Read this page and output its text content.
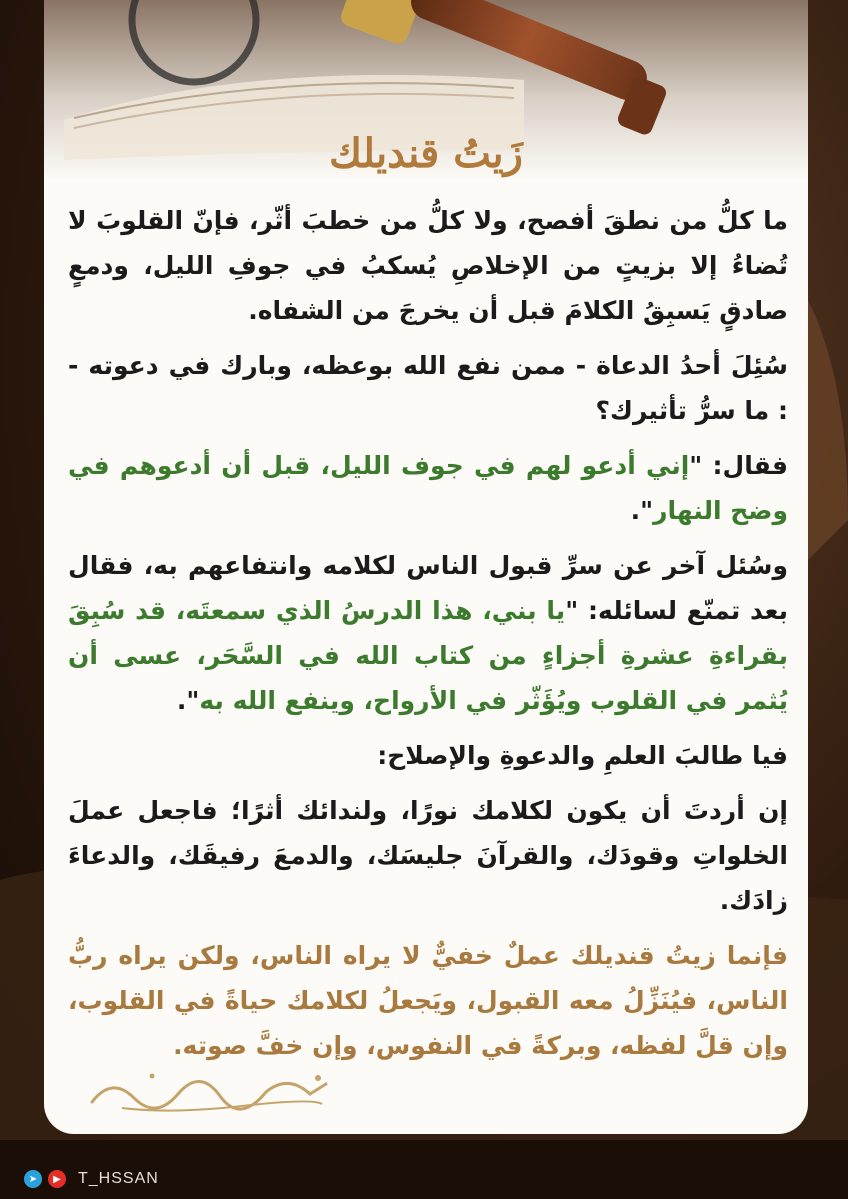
زَيتُ قنديلك

ما كلُّ من نطقَ أفصح، ولا كلُّ من خطبَ أثّر، فإنّ القلوبَ لا تُضاءُ إلا بزيتٍ من الإخلاصِ يُسكبُ في جوفِ الليل، ودمعٍ صادقٍ يَسبِقُ الكلامَ قبل أن يخرجَ من الشفاه.

سُئِلَ أحدُ الدعاة - ممن نفع الله بوعظه، وبارك في دعوته - : ما سرُّ تأثيرك؟

فقال: "إني أدعو لهم في جوف الليل، قبل أن أدعوهم في وضح النهار".

وسُئل آخر عن سرِّ قبول الناس لكلامه وانتفاعهم به، فقال بعد تمنّع لسائله: "يا بني، هذا الدرسُ الذي سمعتَه، قد سُبِقَ بقراءةِ عشرةِ أجزاءٍ من كتاب الله في السَّحَر، عسى أن يُثمر في القلوب ويُؤَثّر في الأرواح، وينفع الله به".

فيا طالبَ العلمِ والدعوةِ والإصلاح:

إن أردتَ أن يكون لكلامك نورًا، ولندائك أثرًا؛ فاجعل عملَ الخلواتِ وقودَك، والقرآنَ جليسَك، والدمعَ رفيقَك، والدعاءَ زادَك.

فإنما زيتُ قنديلك عملٌ خفيٌّ لا يراه الناس، ولكن يراه ربُّ الناس، فيُنَزِّلُ معه القبول، ويَجعلُ لكلامك حياةً في القلوب، وإن قلَّ لفظه، وبركةً في النفوس، وإن خفَّ صوته.

➤	▶	T_HSSAN
